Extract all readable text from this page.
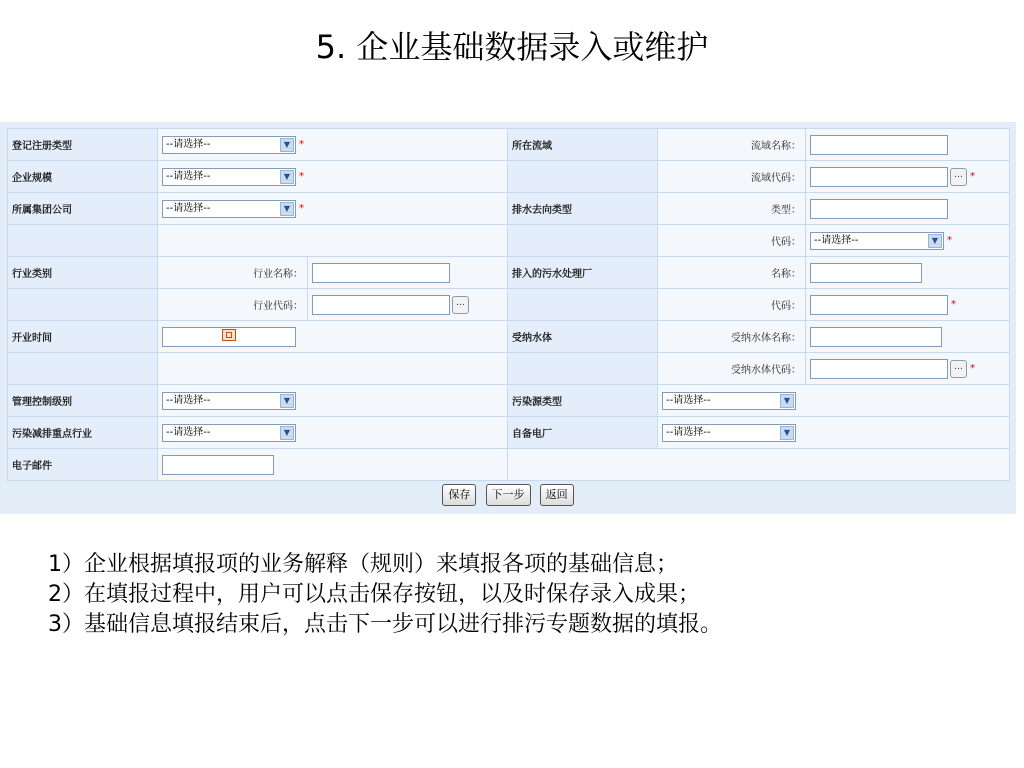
5. 企业基础数据录入或维护
登记注册类型	--请选择-- ▼ *		所在流域	流域名称：	
企业规模	--请选择-- ▼ *			流域代码：	… *
所属集团公司	--请选择-- ▼ *		排水去向类型	类型：	
				代码：	--请选择-- ▼ *
行业类别	行业名称：		排入的污水处理厂	名称：	
	行业代码：	…		代码：	*
开业时间			受纳水体	受纳水体名称：	
				受纳水体代码：	… *
管理控制级别	--请选择-- ▼		污染源类型	--请选择-- ▼	

污染减排重点行业	--请选择-- ▼		自备电厂	--请选择-- ▼	

电子邮件					
保存 下一步 返回
1）企业根据填报项的业务解释（规则）来填报各项的基础信息；
2）在填报过程中，用户可以点击保存按钮，以及时保存录入成果；
3）基础信息填报结束后，点击下一步可以进行排污专题数据的填报。
